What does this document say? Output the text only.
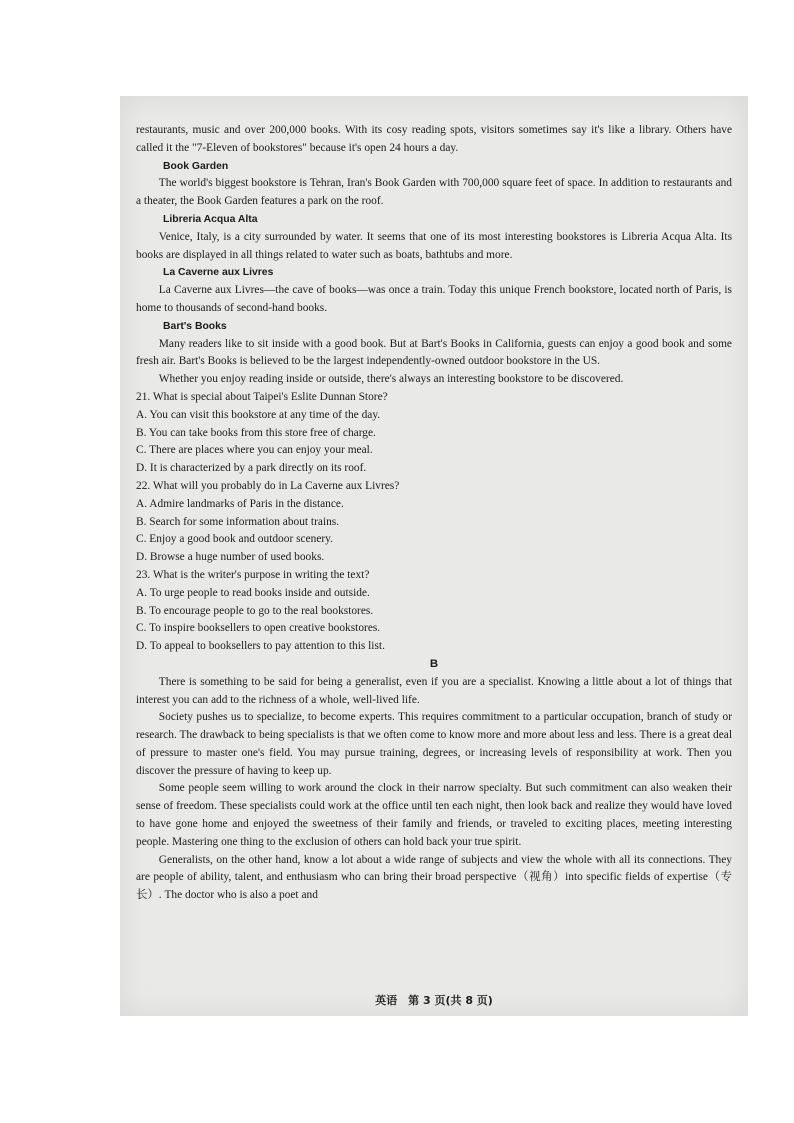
restaurants, music and over 200,000 books. With its cosy reading spots, visitors sometimes say it's like a library. Others have called it the "7-Eleven of bookstores" because it's open 24 hours a day.

Book Garden

The world's biggest bookstore is Tehran, Iran's Book Garden with 700,000 square feet of space. In addition to restaurants and a theater, the Book Garden features a park on the roof.

Libreria Acqua Alta

Venice, Italy, is a city surrounded by water. It seems that one of its most interesting bookstores is Libreria Acqua Alta. Its books are displayed in all things related to water such as boats, bathtubs and more.

La Caverne aux Livres

La Caverne aux Livres—the cave of books—was once a train. Today this unique French bookstore, located north of Paris, is home to thousands of second-hand books.

Bart's Books

Many readers like to sit inside with a good book. But at Bart's Books in California, guests can enjoy a good book and some fresh air. Bart's Books is believed to be the largest independently-owned outdoor bookstore in the US.

Whether you enjoy reading inside or outside, there's always an interesting bookstore to be discovered.

21. What is special about Taipei's Eslite Dunnan Store?

A. You can visit this bookstore at any time of the day.

B. You can take books from this store free of charge.

C. There are places where you can enjoy your meal.

D. It is characterized by a park directly on its roof.

22. What will you probably do in La Caverne aux Livres?

A. Admire landmarks of Paris in the distance.

B. Search for some information about trains.

C. Enjoy a good book and outdoor scenery.

D. Browse a huge number of used books.

23. What is the writer's purpose in writing the text?

A. To urge people to read books inside and outside.

B. To encourage people to go to the real bookstores.

C. To inspire booksellers to open creative bookstores.

D. To appeal to booksellers to pay attention to this list.

B

There is something to be said for being a generalist, even if you are a specialist. Knowing a little about a lot of things that interest you can add to the richness of a whole, well-lived life.

Society pushes us to specialize, to become experts. This requires commitment to a particular occupation, branch of study or research. The drawback to being specialists is that we often come to know more and more about less and less. There is a great deal of pressure to master one's field. You may pursue training, degrees, or increasing levels of responsibility at work. Then you discover the pressure of having to keep up.

Some people seem willing to work around the clock in their narrow specialty. But such commitment can also weaken their sense of freedom. These specialists could work at the office until ten each night, then look back and realize they would have loved to have gone home and enjoyed the sweetness of their family and friends, or traveled to exciting places, meeting interesting people. Mastering one thing to the exclusion of others can hold back your true spirit.

Generalists, on the other hand, know a lot about a wide range of subjects and view the whole with all its connections. They are people of ability, talent, and enthusiasm who can bring their broad perspective（视角）into specific fields of expertise（专长）. The doctor who is also a poet and

英语　第 3 页(共 8 页)
